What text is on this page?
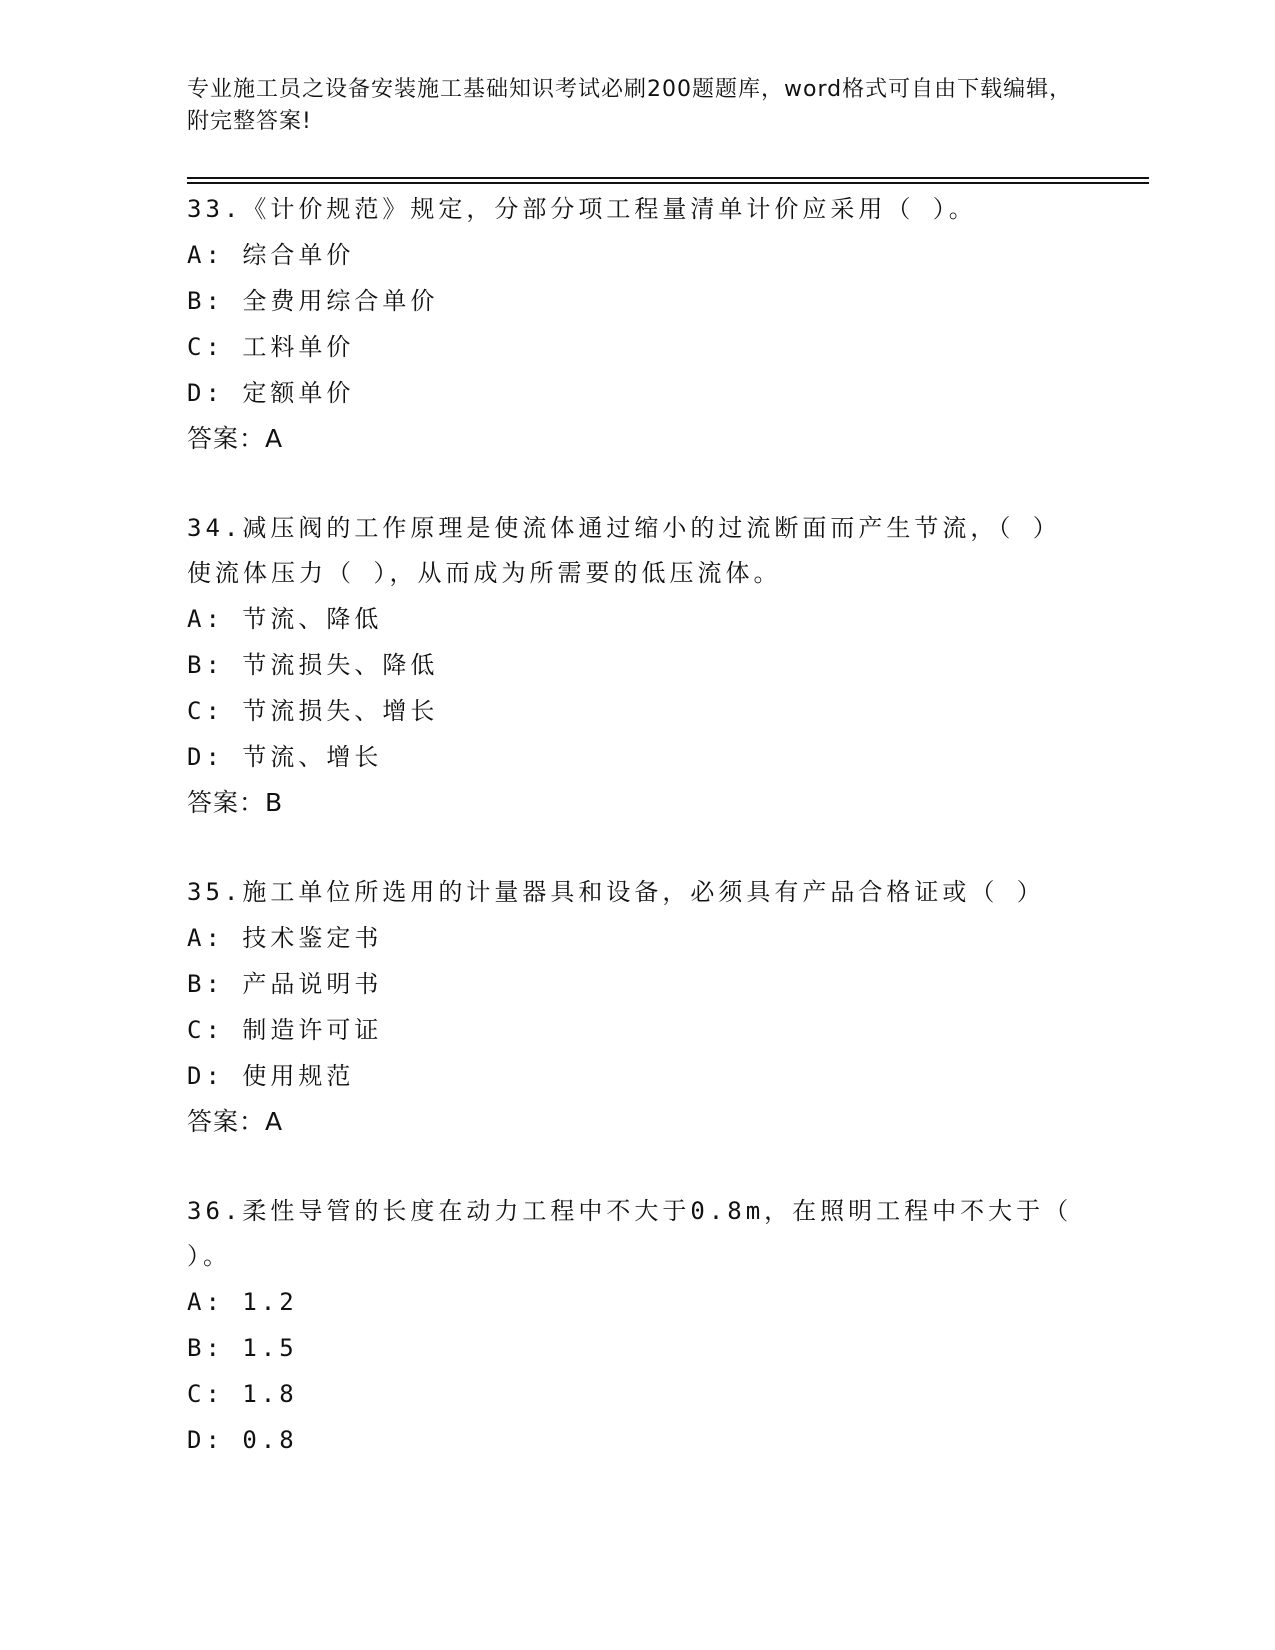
专业施工员之设备安装施工基础知识考试必刷200题题库，word格式可自由下载编辑，附完整答案!
33.《计价规范》规定，分部分项工程量清单计价应采用（ ）。
A: 综合单价
B: 全费用综合单价
C: 工料单价
D: 定额单价
答案：A
34.减压阀的工作原理是使流体通过缩小的过流断面而产生节流，（ ）使流体压力（ ），从而成为所需要的低压流体。
A: 节流、降低
B: 节流损失、降低
C: 节流损失、增长
D: 节流、增长
答案：B
35.施工单位所选用的计量器具和设备，必须具有产品合格证或（ ）
A: 技术鉴定书
B: 产品说明书
C: 制造许可证
D: 使用规范
答案：A
36.柔性导管的长度在动力工程中不大于0.8m，在照明工程中不大于（ ）。
A: 1.2
B: 1.5
C: 1.8
D: 0.8
